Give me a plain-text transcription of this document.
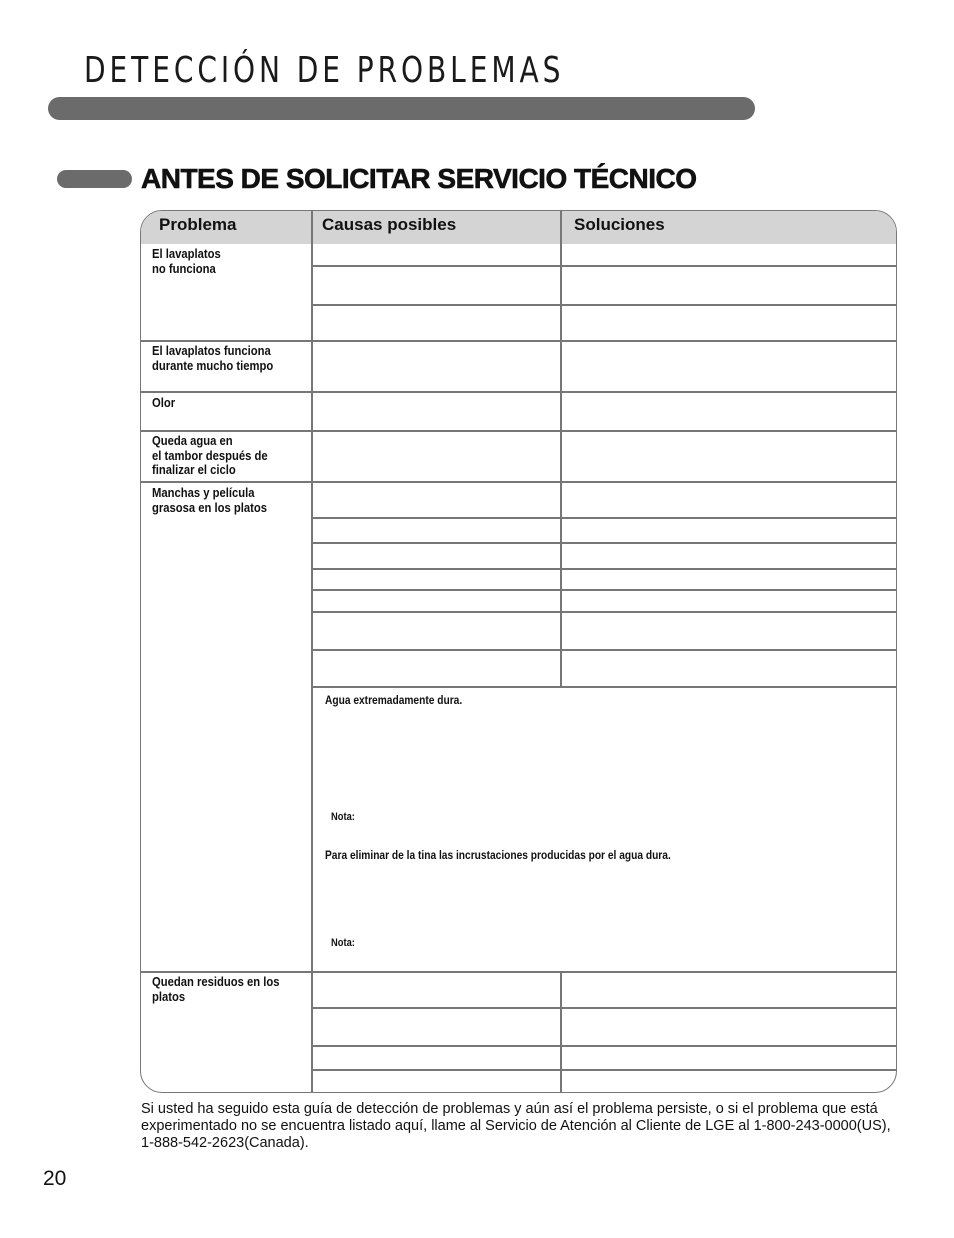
DETECCIÓN DE PROBLEMAS
ANTES DE SOLICITAR SERVICIO TÉCNICO
Problema	Causas posibles	Soluciones
El lavaplatos
no funciona
El lavaplatos funciona
durante mucho tiempo
Olor
Queda agua en
el tambor después de
finalizar el ciclo
Manchas y película
grasosa en los platos
Quedan residuos en los
platos
Agua extremadamente dura.
Nota:
Para eliminar de la tina las incrustaciones producidas por el agua dura.
Nota:

Si usted ha seguido esta guía de detección de problemas y aún así el problema persiste, o si el problema que está experimentado no se encuentra listado aquí, llame al Servicio de Atención al Cliente de LGE al 1-800-243-0000(US), 1-888-542-2623(Canada).

20
